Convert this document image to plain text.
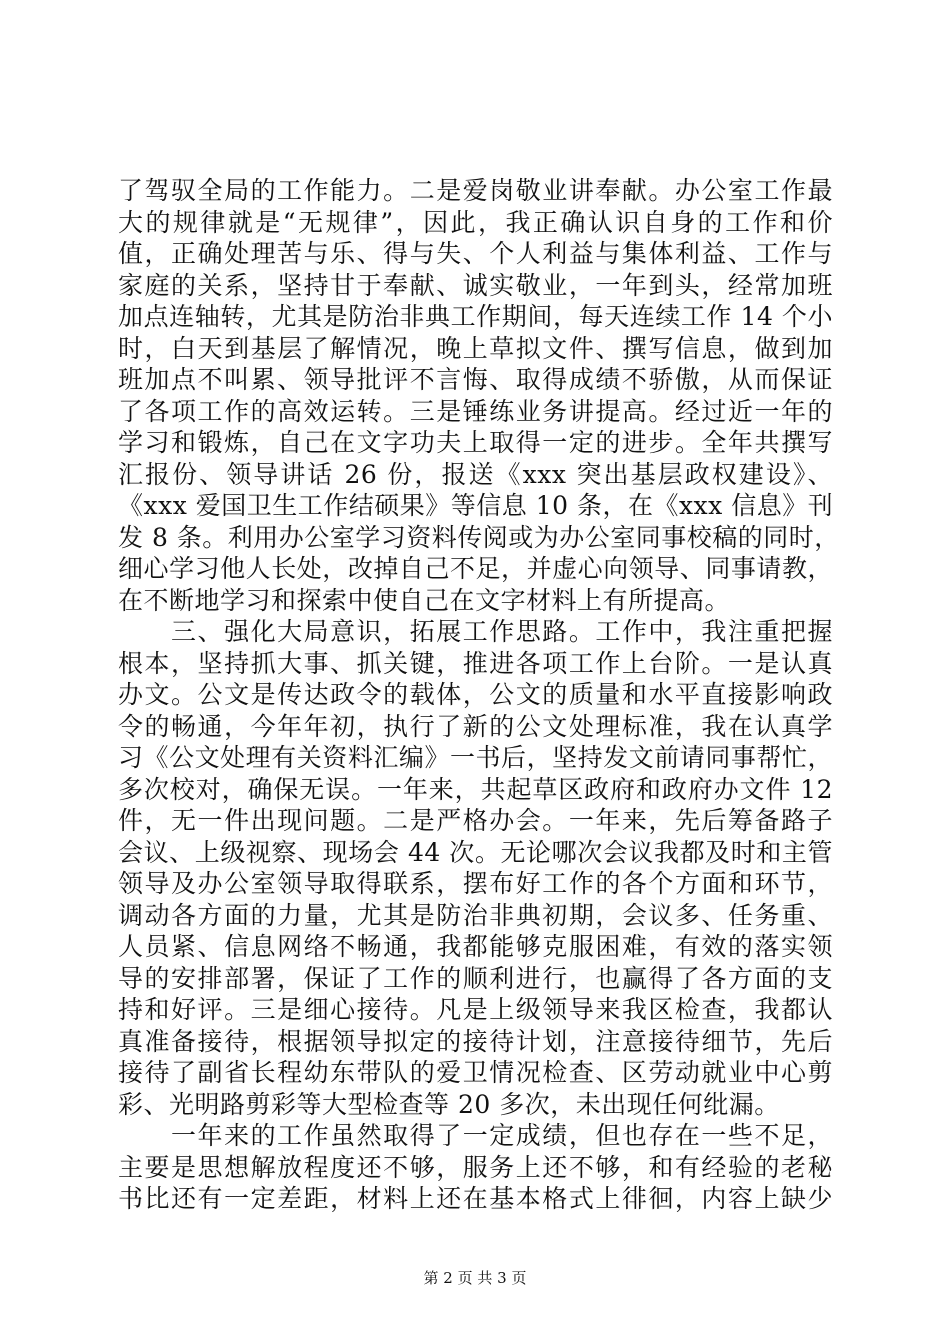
了驾驭全局的工作能力。二是爱岗敬业讲奉献。办公室工作最
大的规律就是“无规律”，因此，我正确认识自身的工作和价
值，正确处理苦与乐、得与失、个人利益与集体利益、工作与
家庭的关系，坚持甘于奉献、诚实敬业，一年到头，经常加班
加点连轴转，尤其是防治非典工作期间，每天连续工作 14 个小
时，白天到基层了解情况，晚上草拟文件、撰写信息，做到加
班加点不叫累、领导批评不言悔、取得成绩不骄傲，从而保证
了各项工作的高效运转。三是锤练业务讲提高。经过近一年的
学习和锻炼，自己在文字功夫上取得一定的进步。全年共撰写
汇报份、领导讲话 26 份，报送《xxx 突出基层政权建设》、
《xxx 爱国卫生工作结硕果》等信息 10 条，在《xxx 信息》刊
发 8 条。利用办公室学习资料传阅或为办公室同事校稿的同时，
细心学习他人长处，改掉自己不足，并虚心向领导、同事请教，
在不断地学习和探索中使自己在文字材料上有所提高。
　　三、强化大局意识，拓展工作思路。工作中，我注重把握
根本，坚持抓大事、抓关键，推进各项工作上台阶。一是认真
办文。公文是传达政令的载体，公文的质量和水平直接影响政
令的畅通，今年年初，执行了新的公文处理标准，我在认真学
习《公文处理有关资料汇编》一书后，坚持发文前请同事帮忙，
多次校对，确保无误。一年来，共起草区政府和政府办文件 12
件，无一件出现问题。二是严格办会。一年来，先后筹备路子
会议、上级视察、现场会 44 次。无论哪次会议我都及时和主管
领导及办公室领导取得联系，摆布好工作的各个方面和环节，
调动各方面的力量，尤其是防治非典初期，会议多、任务重、
人员紧、信息网络不畅通，我都能够克服困难，有效的落实领
导的安排部署，保证了工作的顺利进行，也赢得了各方面的支
持和好评。三是细心接待。凡是上级领导来我区检查，我都认
真准备接待，根据领导拟定的接待计划，注意接待细节，先后
接待了副省长程幼东带队的爱卫情况检查、区劳动就业中心剪
彩、光明路剪彩等大型检查等 20 多次，未出现任何纰漏。
　　一年来的工作虽然取得了一定成绩，但也存在一些不足，
主要是思想解放程度还不够，服务上还不够，和有经验的老秘
书比还有一定差距，材料上还在基本格式上徘徊，内容上缺少
第 2 页 共 3 页
